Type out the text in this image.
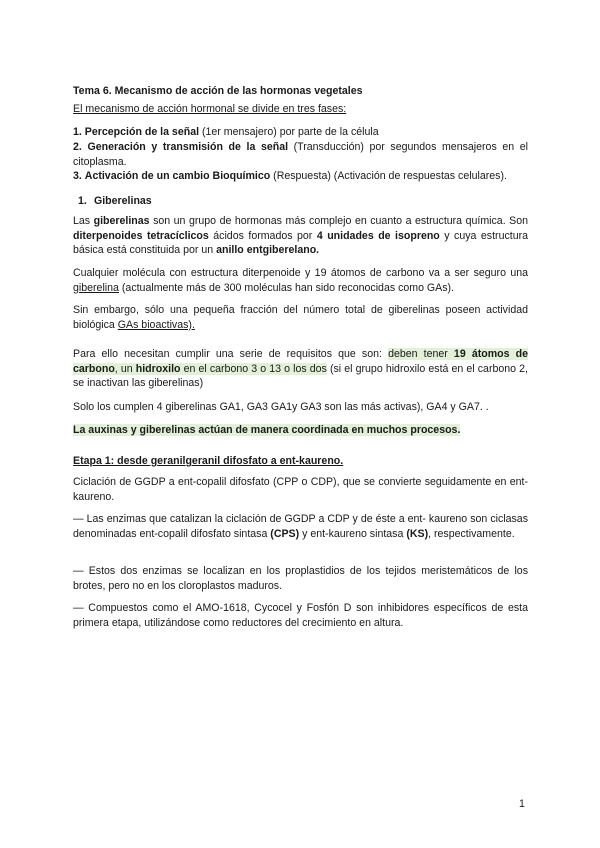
Tema 6. Mecanismo de acción de las hormonas vegetales

El mecanismo de acción hormonal se divide en tres fases:

1. Percepción de la señal (1er mensajero) por parte de la célula

2. Generación y transmisión de la señal (Transducción) por segundos mensajeros en el citoplasma.

3. Activación de un cambio Bioquímico (Respuesta) (Activación de respuestas celulares).

1. Giberelinas

Las giberelinas son un grupo de hormonas más complejo en cuanto a estructura química. Son diterpenoides tetracíclicos ácidos formados por 4 unidades de isopreno y cuya estructura básica está constituida por un anillo entgiberelano.

Cualquier molécula con estructura diterpenoide y 19 átomos de carbono va a ser seguro una giberelina (actualmente más de 300 moléculas han sido reconocidas como GAs).

Sin embargo, sólo una pequeña fracción del número total de giberelinas poseen actividad biológica GAs bioactivas).

Para ello necesitan cumplir una serie de requisitos que son: deben tener 19 átomos de carbono, un hidroxilo en el carbono 3 o 13 o los dos (si el grupo hidroxilo está en el carbono 2, se inactivan las giberelinas)

Solo los cumplen 4 giberelinas GA1, GA3 GA1y GA3 son las más activas), GA4 y GA7. .

La auxinas y giberelinas actúan de manera coordinada en muchos procesos.

Etapa 1: desde geranilgeranil difosfato a ent-kaureno.

Ciclación de GGDP a ent-copalil difosfato (CPP o CDP), que se convierte seguidamente en ent- kaureno.

— Las enzimas que catalizan la ciclación de GGDP a CDP y de éste a ent- kaureno son ciclasas denominadas ent-copalil difosfato sintasa (CPS) y ent-kaureno sintasa (KS), respectivamente.

— Estos dos enzimas se localizan en los proplastidios de los tejidos meristemáticos de los brotes, pero no en los cloroplastos maduros.

— Compuestos como el AMO-1618, Cycocel y Fosfón D son inhibidores específicos de esta primera etapa, utilizándose como reductores del crecimiento en altura.

1
